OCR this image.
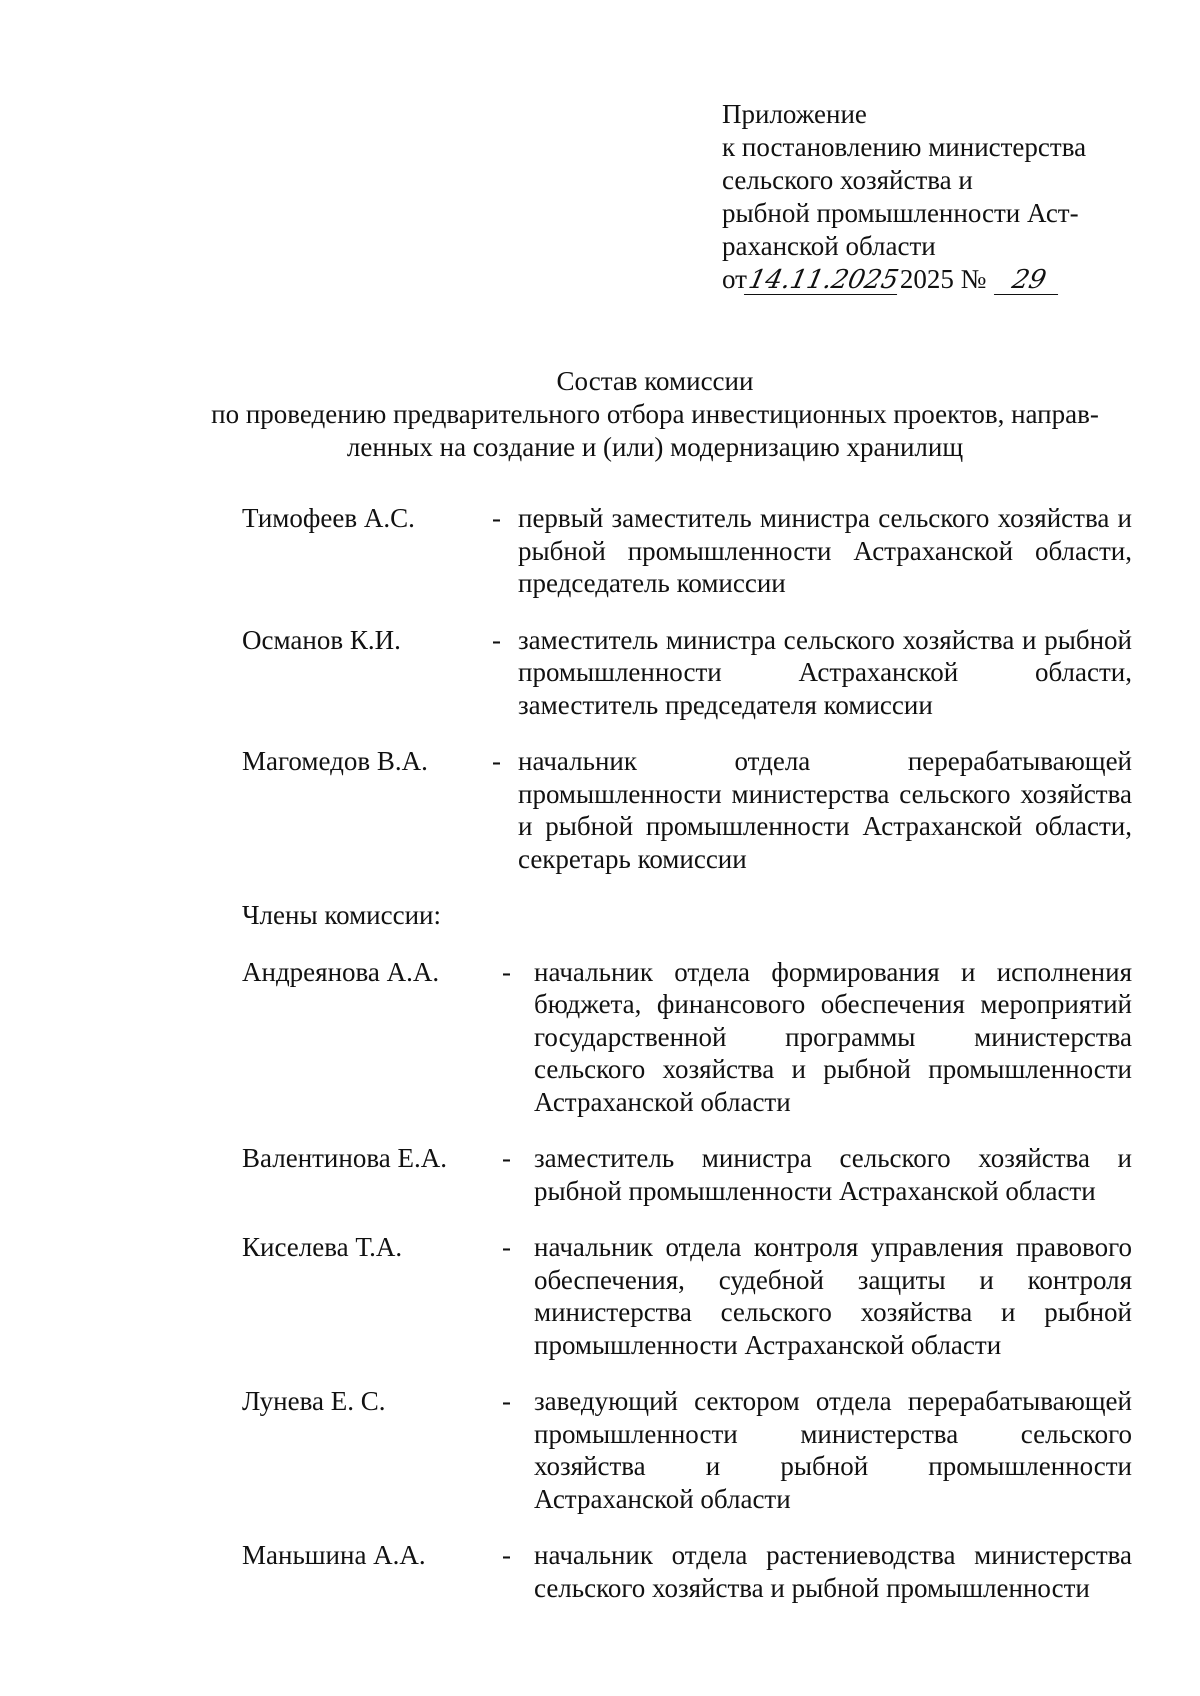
Приложение
к постановлению министерства
сельского хозяйства и
рыбной промышленности Аст-
раханской области
от14.11.20252025 № 29
Состав комиссии
по проведению предварительного отбора инвестиционных проектов, направ-
ленных на создание и (или) модернизацию хранилищ
Тимофеев А.С.	- первый заместитель министра сельского хозяйства и рыбной промышленности Астраханской области, председатель комиссии
Османов К.И.	- заместитель министра сельского хозяйства и рыбной промышленности Астраханской области, заместитель председателя комиссии
Магомедов В.А.	- начальник отдела перерабатывающей промышленности министерства сельского хозяйства и рыбной промышленности Астраханской области, секретарь комиссии
Члены комиссии:
Андреянова А.А.	- начальник отдела формирования и исполнения бюджета, финансового обеспечения мероприятий государственной программы министерства сельского хозяйства и рыбной промышленности Астраханской области
Валентинова Е.А.	- заместитель министра сельского хозяйства и рыбной промышленности Астраханской области
Киселева Т.А.	- начальник отдела контроля управления правового обеспечения, судебной защиты и контроля министерства сельского хозяйства и рыбной промышленности Астраханской области
Лунева Е. С.	- заведующий сектором отдела перерабатывающей промышленности министерства сельского хозяйства и рыбной промышленности Астраханской области
Маньшина А.А.	- начальник отдела растениеводства министерства сельского хозяйства и рыбной промышленности
